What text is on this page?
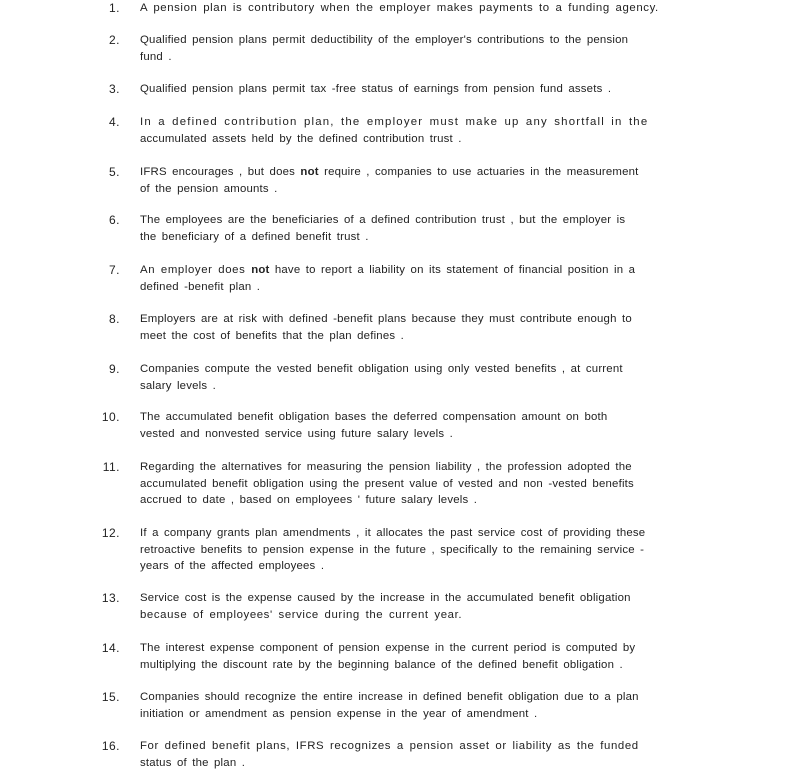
1. A pension plan is contributory when the employer makes payments to a funding agency.
2. Qualified pension plans permit deductibility of the employer's contributions to the pension
fund .
3. Qualified pension plans permit tax -free status of earnings from pension fund assets .
4. In a defined contribution plan, the employer must make up any shortfall in the
accumulated assets held by the defined contribution trust .
5. IFRS encourages , but does not require , companies to use actuaries in the measurement
of the pension amounts .
6. The employees are the beneficiaries of a defined contribution trust , but the employer is
the beneficiary of a defined benefit trust .
7. An employer does not have to report a liability on its statement of financial position in a
defined -benefit plan .
8. Employers are at risk with defined -benefit plans because they must contribute enough to
meet the cost of benefits that the plan defines .
9. Companies compute the vested benefit obligation using only vested benefits , at current
salary levels .
10. The accumulated benefit obligation bases the deferred compensation amount on both
vested and nonvested service using future salary levels .
11. Regarding the alternatives for measuring the pension liability , the profession adopted the
accumulated benefit obligation using the present value of vested and non -vested benefits
accrued to date , based on employees ' future salary levels .
12. If a company grants plan amendments , it allocates the past service cost of providing these
retroactive benefits to pension expense in the future , specifically to the remaining service -
years of the affected employees .
13. Service cost is the expense caused by the increase in the accumulated benefit obligation
because of employees' service during the current year.
14. The interest expense component of pension expense in the current period is computed by
multiplying the discount rate by the beginning balance of the defined benefit obligation .
15. Companies should recognize the entire increase in defined benefit obligation due to a plan
initiation or amendment as pension expense in the year of amendment .
16. For defined benefit plans, IFRS recognizes a pension asset or liability as the funded
status of the plan .
